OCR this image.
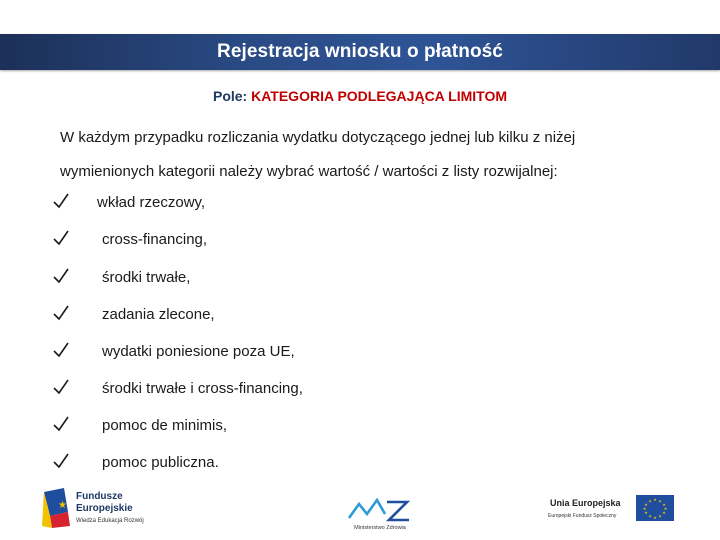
Rejestracja wniosku o płatność
Pole: KATEGORIA PODLEGAJĄCA LIMITOM

W każdym przypadku rozliczania wydatku dotyczącego jednej lub kilku z niżej

wymienionych kategorii należy wybrać wartość / wartości z listy rozwijalnej:

wkład rzeczowy,
cross-financing,
środki trwałe,
zadania zlecone,
wydatki poniesione poza UE,
środki trwałe i cross-financing,
pomoc de minimis,
pomoc publiczna.
★
Fundusze
Europejskie
Wiedza Edukacja Rozwój
Ministerstwo Zdrowia
Unia Europejska
Europejski Fundusz Społeczny
★ ★
★
★
★
★
★
★
★
★
★
★
